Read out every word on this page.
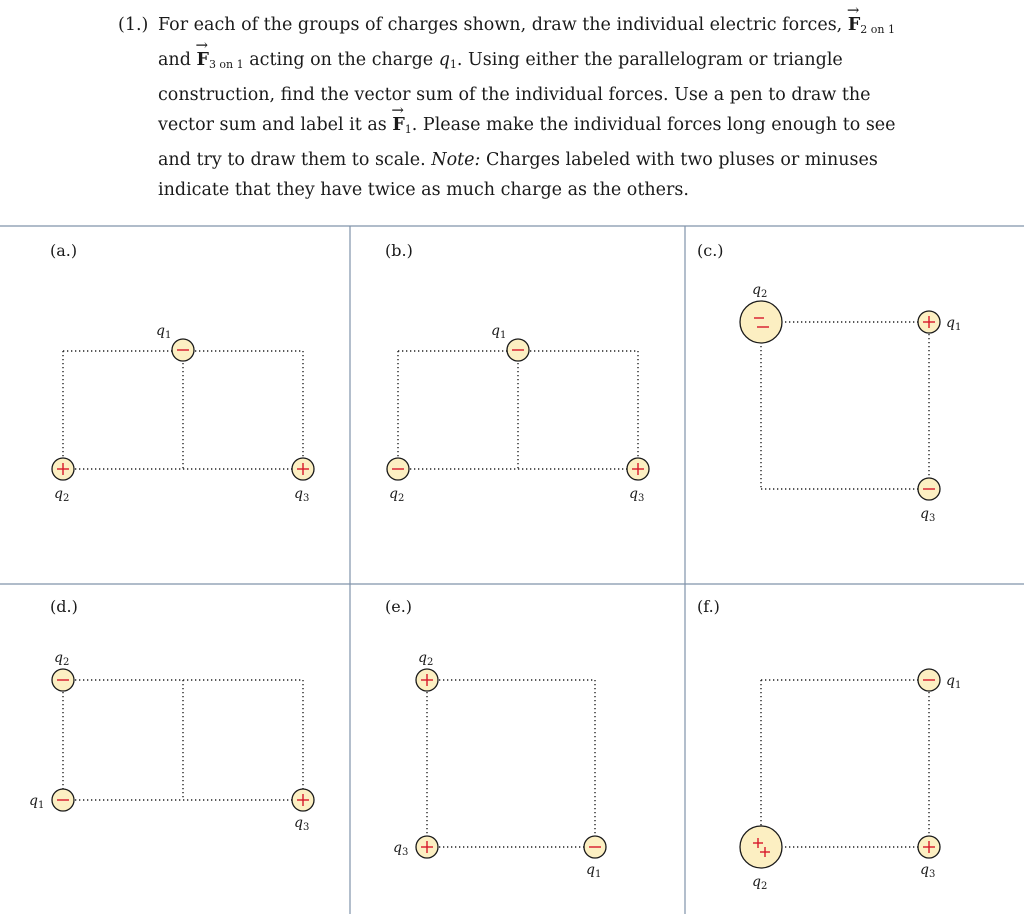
(1.) For each of the groups of charges shown, draw the individual electric forces, → $F_{2 on 1}$ and → $F_{3 on 1}$ acting on the charge $q_1$. Using either the parallelogram or triangle construction, find the vector sum of the individual forces. Use a pen to draw the vector sum and label it as → $F_1$. Please make the individual forces long enough to see and try to draw them to scale. Note: Charges labeled with two pluses or minuses indicate that they have twice as much charge as the others.
(a.)
$q_1$
$q_2$	$q_3$
(b.)
$q_1$
$q_2$	$q_3$
(c.)
$q_1$
$q_2$
$q_3$
(d.)
$q_1$
$q_2$
$q_3$
(e.)
$q_1$
$q_2$
$q_3$
(f.)
$q_1$
$q_2$
$q_3$
